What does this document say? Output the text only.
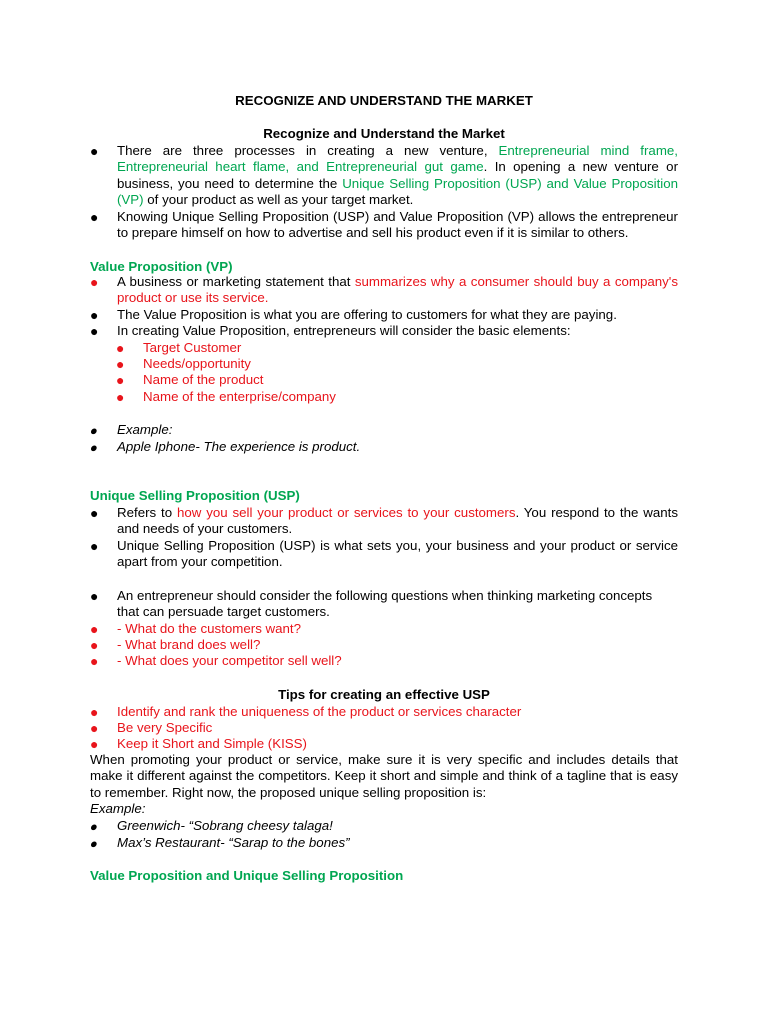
RECOGNIZE AND UNDERSTAND THE MARKET
Recognize and Understand the Market
●	There are three processes in creating a new venture, Entrepreneurial mind frame, Entrepreneurial heart flame, and Entrepreneurial gut game. In opening a new venture or business, you need to determine the Unique Selling Proposition (USP) and Value Proposition (VP) of your product as well as your target market.
●	Knowing Unique Selling Proposition (USP) and Value Proposition (VP) allows the entrepreneur to prepare himself on how to advertise and sell his product even if it is similar to others.
Value Proposition (VP)
●	A business or marketing statement that summarizes why a consumer should buy a company's product or use its service.
●	The Value Proposition is what you are offering to customers for what they are paying.
●	In creating Value Proposition, entrepreneurs will consider the basic elements:
●	Target Customer
●	Needs/opportunity
●	Name of the product
●	Name of the enterprise/company
●	Example:
●	Apple Iphone- The experience is product.
Unique Selling Proposition (USP)
●	Refers to how you sell your product or services to your customers. You respond to the wants and needs of your customers.
●	Unique Selling Proposition (USP) is what sets you, your business and your product or service apart from your competition.
●	An entrepreneur should consider the following questions when thinking marketing concepts that can persuade target customers.
●	- What do the customers want?
●	- What brand does well?
●	- What does your competitor sell well?
Tips for creating an effective USP
●	Identify and rank the uniqueness of the product or services character
●	Be very Specific
●	Keep it Short and Simple (KISS)
When promoting your product or service, make sure it is very specific and includes details that make it different against the competitors. Keep it short and simple and think of a tagline that is easy to remember. Right now, the proposed unique selling proposition is:
Example:
●	Greenwich- “Sobrang cheesy talaga!
●	Max’s Restaurant- “Sarap to the bones”
Value Proposition and Unique Selling Proposition
